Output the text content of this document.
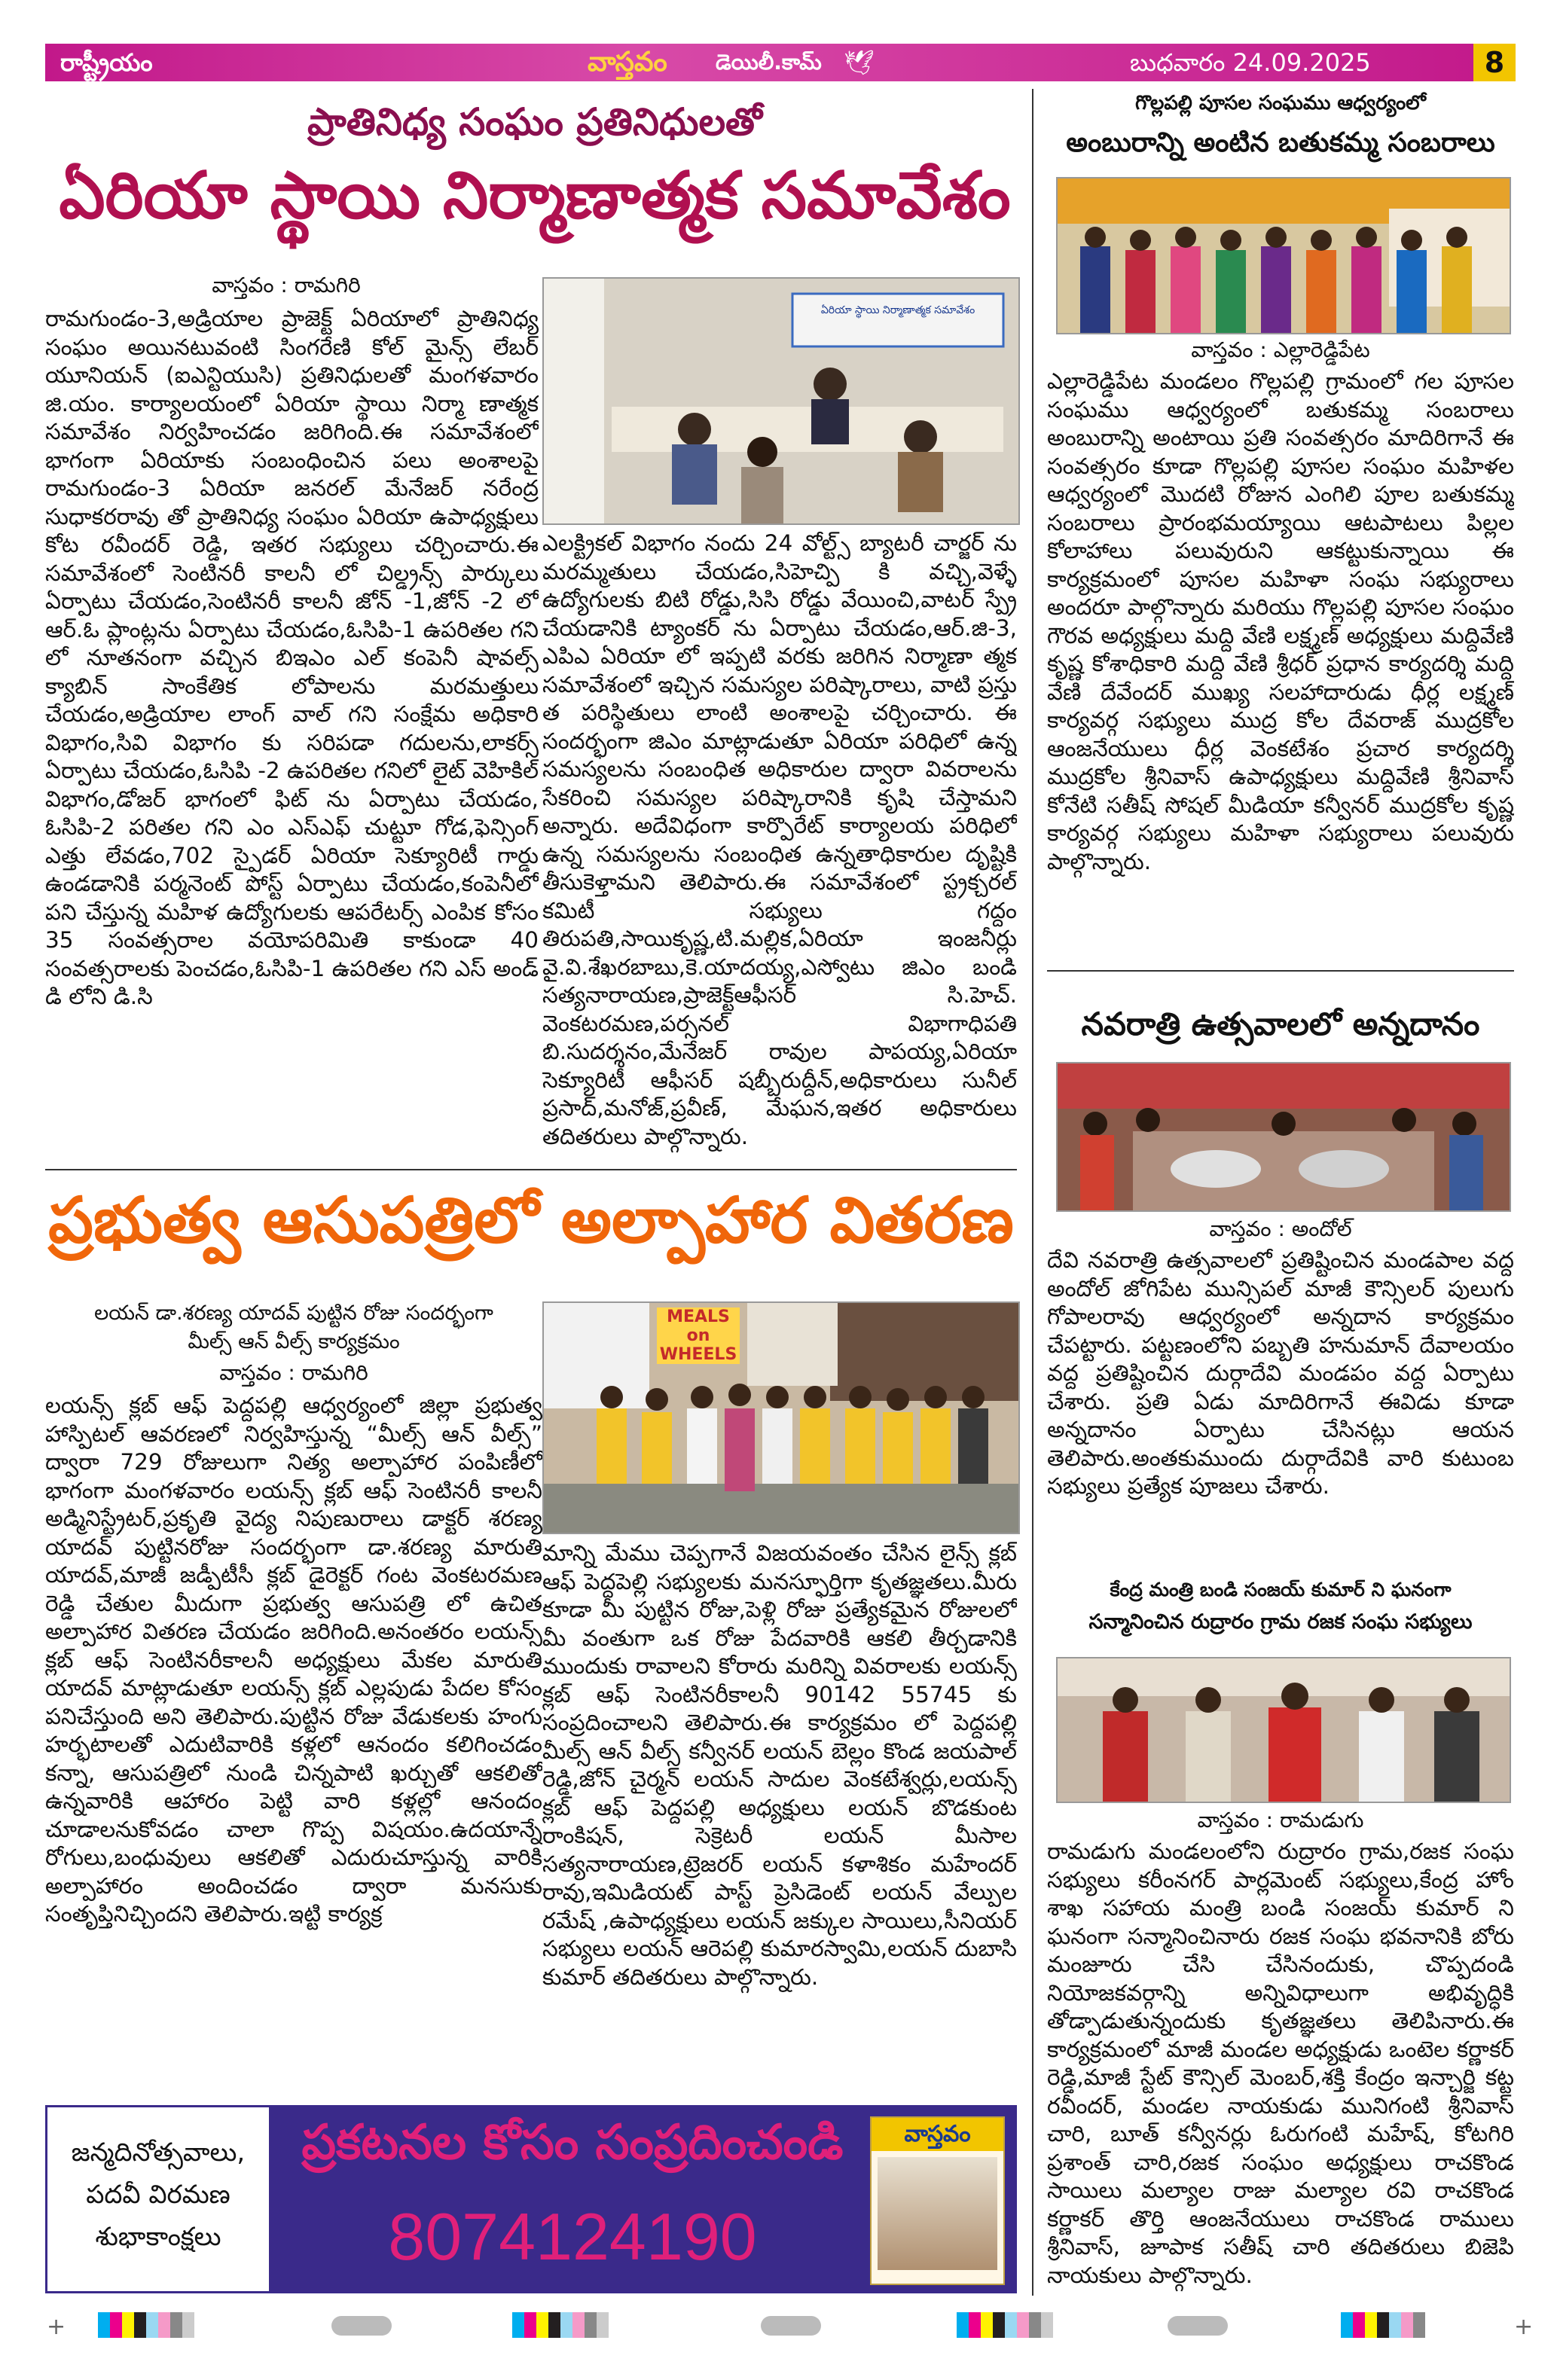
రాష్ట్రీయం	వాస్తవం డెయిలీ.కామ్ 🕊	బుధవారం 24.09.2025	8
ప్రాతినిధ్య సంఘం ప్రతినిధులతో
ఏరియా స్థాయి నిర్మాణాత్మక సమావేశం
వాస్తవం : రామగిరి

రామగుండం-3,అడ్రియాల ప్రాజెక్ట్ ఏరియాలో ప్రాతినిధ్య సంఘం అయినటువంటి సింగరేణి కోల్ మైన్స్ లేబర్ యూనియన్ (ఐఎన్టియుసి) ప్రతినిధులతో మంగళవారం జి.యం. కార్యాలయంలో ఏరియా స్థాయి నిర్మా ణాత్మక సమావేశం నిర్వహించడం జరిగింది.ఈ సమావేశంలో భాగంగా ఏరియాకు సంబంధించిన పలు అంశాలపై రామగుండం-3 ఏరియా జనరల్ మేనేజర్ నరేంద్ర సుధాకరరావు తో ప్రాతినిధ్య సంఘం ఏరియా ఉపాధ్యక్షులు కోట రవీందర్ రెడ్డి, ఇతర సభ్యులు చర్చించారు.ఈ సమావేశంలో సెంటినరీ కాలనీ లో చిల్డ్రన్స్ పార్కులు ఏర్పాటు చేయడం,సెంటినరీ కాలనీ జోన్ -1,జోన్ -2 లో ఆర్.ఓ ప్లాంట్లను ఏర్పాటు చేయడం,ఓసిపి-1 ఉపరితల గని లో నూతనంగా వచ్చిన బిఇఎం ఎల్ కంపెనీ షావల్స్ క్యాబిన్ సాంకేతిక లోపాలను మరమత్తులు చేయడం,అడ్రియాల లాంగ్ వాల్ గని సంక్షేమ అధికారి విభాగం,సివి విభాగం కు సరిపడా గదులను,లాకర్స్ ఏర్పాటు చేయడం,ఓసిపి -2 ఉపరితల గనిలో లైట్ వెహికిల్ విభాగం,డోజర్ భాగంలో ఫిట్ ను ఏర్పాటు చేయడం, ఓసిపి-2 పరితల గని ఎం ఎస్ఎఫ్ చుట్టూ గోడ,ఫెన్సింగ్ ఎత్తు లేవడం,702 స్పైడర్ ఏరియా సెక్యూరిటీ గార్డు ఉండడానికి పర్మనెంట్ పోస్ట్ ఏర్పాటు చేయడం,కంపెనీలో పని చేస్తున్న మహిళ ఉద్యోగులకు ఆపరేటర్స్ ఎంపిక కోసం 35 సంవత్సరాల వయోపరిమితి కాకుండా 40 సంవత్సరాలకు పెంచడం,ఓసిపి-1 ఉపరితల గని ఎస్ అండ్ డి లోని డి.సి

ఏరియా స్థాయి నిర్మాణాత్మక సమావేశం

ఎలక్ట్రికల్ విభాగం నందు 24 వోల్ట్స్ బ్యాటరీ చార్జర్ ను మరమ్మతులు చేయడం,సిహెచ్పి కి వచ్చి,వెళ్ళే ఉద్యోగులకు బిటి రోడ్డు,సిసి రోడ్డు వేయించి,వాటర్ స్ప్రే చేయడానికి ట్యాంకర్ ను ఏర్పాటు చేయడం,ఆర్.జి-3, ఎపిఎ ఏరియా లో ఇప్పటి వరకు జరిగిన నిర్మాణా త్మక సమావేశంలో ఇచ్చిన సమస్యల పరిష్కారాలు, వాటి ప్రస్తు త పరిస్థితులు లాంటి అంశాలపై చర్చించారు. ఈ సందర్భంగా జిఎం మాట్లాడుతూ ఏరియా పరిధిలో ఉన్న సమస్యలను సంబంధిత అధికారుల ద్వారా వివరాలను సేకరించి సమస్యల పరిష్కారానికి కృషి చేస్తామని అన్నారు. అదేవిధంగా కార్పొరేట్ కార్యాలయ పరిధిలో ఉన్న సమస్యలను సంబంధిత ఉన్నతాధికారుల దృష్టికి తీసుకెళ్తామని తెలిపారు.ఈ సమావేశంలో స్ట్రక్చరల్ కమిటీ సభ్యులు గద్దం తిరుపతి,సాయికృష్ణ,టి.మల్లిక,ఏరియా ఇంజనీర్లు వై.వి.శేఖరబాబు,కె.యాదయ్య,ఎస్వోటు జిఎం బండి సత్యనారాయణ,ప్రాజెక్ట్ఆఫీసర్ సి.హెచ్. వెంకటరమణ,పర్సనల్ విభాగాధిపతి బి.సుదర్శనం,మేనేజర్ రావుల పాపయ్య,ఏరియా సెక్యూరిటీ ఆఫీసర్ షబ్బీరుద్దీన్,అధికారులు సునీల్ ప్రసాద్,మనోజ్,ప్రవీణ్, మేఘన,ఇతర అధికారులు తదితరులు పాల్గొన్నారు.

ప్రభుత్వ ఆసుపత్రిలో అల్పాహార వితరణ
లయన్ డా.శరణ్య యాదవ్ పుట్టిన రోజు సందర్భంగా
మీల్స్ ఆన్ వీల్స్ కార్యక్రమం
వాస్తవం : రామగిరి

లయన్స్ క్లబ్ ఆఫ్ పెద్దపల్లి ఆధ్వర్యంలో జిల్లా ప్రభుత్వ హాస్పిటల్ ఆవరణలో నిర్వహిస్తున్న “మీల్స్ ఆన్ వీల్స్” ద్వారా 729 రోజులుగా నిత్య అల్పాహార పంపిణీలో భాగంగా మంగళవారం లయన్స్ క్లబ్ ఆఫ్ సెంటినరీ కాలనీ అడ్మినిస్ట్రేటర్,ప్రకృతి వైద్య నిపుణురాలు డాక్టర్ శరణ్య యాదవ్ పుట్టినరోజు సందర్భంగా డా.శరణ్య మారుతి యాదవ్,మాజీ జడ్పీటీసీ క్లబ్ డైరెక్టర్ గంట వెంకటరమణ రెడ్డి చేతుల మీదుగా ప్రభుత్వ ఆసుపత్రి లో ఉచిత అల్పాహార వితరణ చేయడం జరిగింది.అనంతరం లయన్స్ క్లబ్ ఆఫ్ సెంటినరీకాలనీ అధ్యక్షులు మేకల మారుతి యాదవ్ మాట్లాడుతూ లయన్స్ క్లబ్ ఎల్లపుడు పేదల కోసం పనిచేస్తుంది అని తెలిపారు.పుట్టిన రోజు వేడుకలకు హంగు హర్భటాలతో ఎదుటివారికి కళ్లలో ఆనందం కలిగించడం కన్నా, ఆసుపత్రిలో నుండి చిన్నపాటి ఖర్చుతో ఆకలితో ఉన్నవారికి ఆహారం పెట్టి వారి కళ్లల్లో ఆనందం చూడాలనుకోవడం చాలా గొప్ప విషయం.ఉదయాన్నే రోగులు,బంధువులు ఆకలితో ఎదురుచూస్తున్న వారికి అల్పాహారం అందించడం ద్వారా మనసుకు సంతృప్తినిచ్చిందని తెలిపారు.ఇట్టి కార్యక్ర

MEALS on WHEELS

మాన్ని మేము చెప్పగానే విజయవంతం చేసిన లైన్స్ క్లబ్ ఆఫ్ పెద్దపెల్లి సభ్యులకు మనస్ఫూర్తిగా కృతజ్ఞతలు.మీరు కూడా మీ పుట్టిన రోజు,పెళ్లి రోజు ప్రత్యేకమైన రోజులలో మీ వంతుగా ఒక రోజు పేదవారికి ఆకలి తీర్చడానికి ముందుకు రావాలని కోరారు మరిన్ని వివరాలకు లయన్స్ క్లబ్ ఆఫ్ సెంటినరీకాలనీ 90142 55745 కు సంప్రదించాలని తెలిపారు.ఈ కార్యక్రమం లో పెద్దపల్లి మీల్స్ ఆన్ వీల్స్ కన్వీనర్ లయన్ బెల్లం కొండ జయపాల్ రెడ్డి,జోన్ చైర్మన్ లయన్ సాదుల వెంకటేశ్వర్లు,లయన్స్ క్లబ్ ఆఫ్ పెద్దపల్లి అధ్యక్షులు లయన్ బొడకుంట రాంకిషన్, సెక్రెటరీ లయన్ మీసాల సత్యనారాయణ,ట్రెజరర్ లయన్ కళాశికం మహేందర్ రావు,ఇమిడియట్ పాస్ట్ ప్రెసిడెంట్ లయన్ వేల్పుల రమేష్ ,ఉపాధ్యక్షులు లయన్ జక్కుల సాయిలు,సీనియర్ సభ్యులు లయన్ ఆరెపల్లి కుమారస్వామి,లయన్ దుబాసి కుమార్ తదితరులు పాల్గొన్నారు.

జన్మదినోత్సవాలు,
పదవీ విరమణ
శుభాకాంక్షలు
ప్రకటనల కోసం సంప్రదించండి
8074124190
వాస్తవం
గొల్లపల్లి పూసల సంఘము ఆధ్వర్యంలో
అంబురాన్ని అంటిన బతుకమ్మ సంబరాలు
వాస్తవం : ఎల్లారెడ్డిపేట

ఎల్లారెడ్డిపేట మండలం గొల్లపల్లి గ్రామంలో గల పూసల సంఘము ఆధ్వర్యంలో బతుకమ్మ సంబరాలు అంబురాన్ని అంటాయి ప్రతి సంవత్సరం మాదిరిగానే ఈ సంవత్సరం కూడా గొల్లపల్లి పూసల సంఘం మహిళల ఆధ్వర్యంలో మొదటి రోజున ఎంగిలి పూల బతుకమ్మ సంబరాలు ప్రారంభమయ్యాయి ఆటపాటలు పిల్లల కోలాహాలు పలువురుని ఆకట్టుకున్నాయి ఈ కార్యక్రమంలో పూసల మహిళా సంఘ సభ్యురాలు అందరూ పాల్గొన్నారు మరియు గొల్లపల్లి పూసల సంఘం గౌరవ అధ్యక్షులు మద్ది వేణి లక్ష్మణ్ అధ్యక్షులు మద్దివేణి కృష్ణ కోశాధికారి మద్ది వేణి శ్రీధర్ ప్రధాన కార్యదర్శి మద్ది వేణి దేవేందర్ ముఖ్య సలహాదారుడు ధీర్ల లక్ష్మణ్ కార్యవర్గ సభ్యులు ముద్ర కోల దేవరాజ్ ముద్రకోల ఆంజనేయులు ధీర్ల వెంకటేశం ప్రచార కార్యదర్శి ముద్రకోల శ్రీనివాస్ ఉపాధ్యక్షులు మద్దివేణి శ్రీనివాస్ కోనేటి సతీష్ సోషల్ మీడియా కన్వీనర్ ముద్రకోల కృష్ణ కార్యవర్గ సభ్యులు మహిళా సభ్యురాలు పలువురు పాల్గొన్నారు.

నవరాత్రి ఉత్సవాలలో అన్నదానం
వాస్తవం : అందోల్

దేవి నవరాత్రి ఉత్సవాలలో ప్రతిష్టించిన మండపాల వద్ద అందోల్ జోగిపేట మున్సిపల్ మాజీ కౌన్సిలర్ పులుగు గోపాలరావు ఆధ్వర్యంలో అన్నదాన కార్యక్రమం చేపట్టారు. పట్టణంలోని పబ్బతి హనుమాన్ దేవాలయం వద్ద ప్రతిష్టించిన దుర్గాదేవి మండపం వద్ద ఏర్పాటు చేశారు. ప్రతి ఏడు మాదిరిగానే ఈవిడు కూడా అన్నదానం ఏర్పాటు చేసినట్లు ఆయన తెలిపారు.అంతకుముందు దుర్గాదేవికి వారి కుటుంబ సభ్యులు ప్రత్యేక పూజలు చేశారు.

కేంద్ర మంత్రి బండి సంజయ్ కుమార్ ని ఘనంగా
సన్మానించిన రుద్రారం గ్రామ రజక సంఘ సభ్యులు
వాస్తవం : రామడుగు

రామడుగు మండలంలోని రుద్రారం గ్రామ,రజక సంఘ సభ్యులు కరీంనగర్ పార్లమెంట్ సభ్యులు,కేంద్ర హోం శాఖ సహాయ మంత్రి బండి సంజయ్ కుమార్ ని ఘనంగా సన్మానించినారు రజక సంఘ భవనానికి బోరు మంజూరు చేసి చేసినందుకు, చొప్పదండి నియోజకవర్గాన్ని అన్నివిధాలుగా అభివృద్ధికి తోడ్పాడుతున్నందుకు కృతజ్ఞతలు తెలిపినారు.ఈ కార్యక్రమంలో మాజీ మండల అధ్యక్షుడు ఒంటెల కర్ణాకర్ రెడ్డి,మాజీ స్టేట్ కౌన్సిల్ మెంబర్,శక్తి కేంద్రం ఇన్చార్జి కట్ట రవీందర్, మండల నాయకుడు మునిగంటి శ్రీనివాస్ చారి, బూత్ కన్వీనర్లు ఓరుగంటి మహేష్, కోటగిరి ప్రశాంత్ చారి,రజక సంఘం అధ్యక్షులు రాచకొండ సాయిలు మల్యాల రాజు మల్యాల రవి రాచకొండ కర్ణాకర్ తొర్తి ఆంజనేయులు రాచకొండ రాములు శ్రీనివాస్, జూపాక సతీష్ చారి తదితరులు బిజెపి నాయకులు పాల్గొన్నారు.

+	+
